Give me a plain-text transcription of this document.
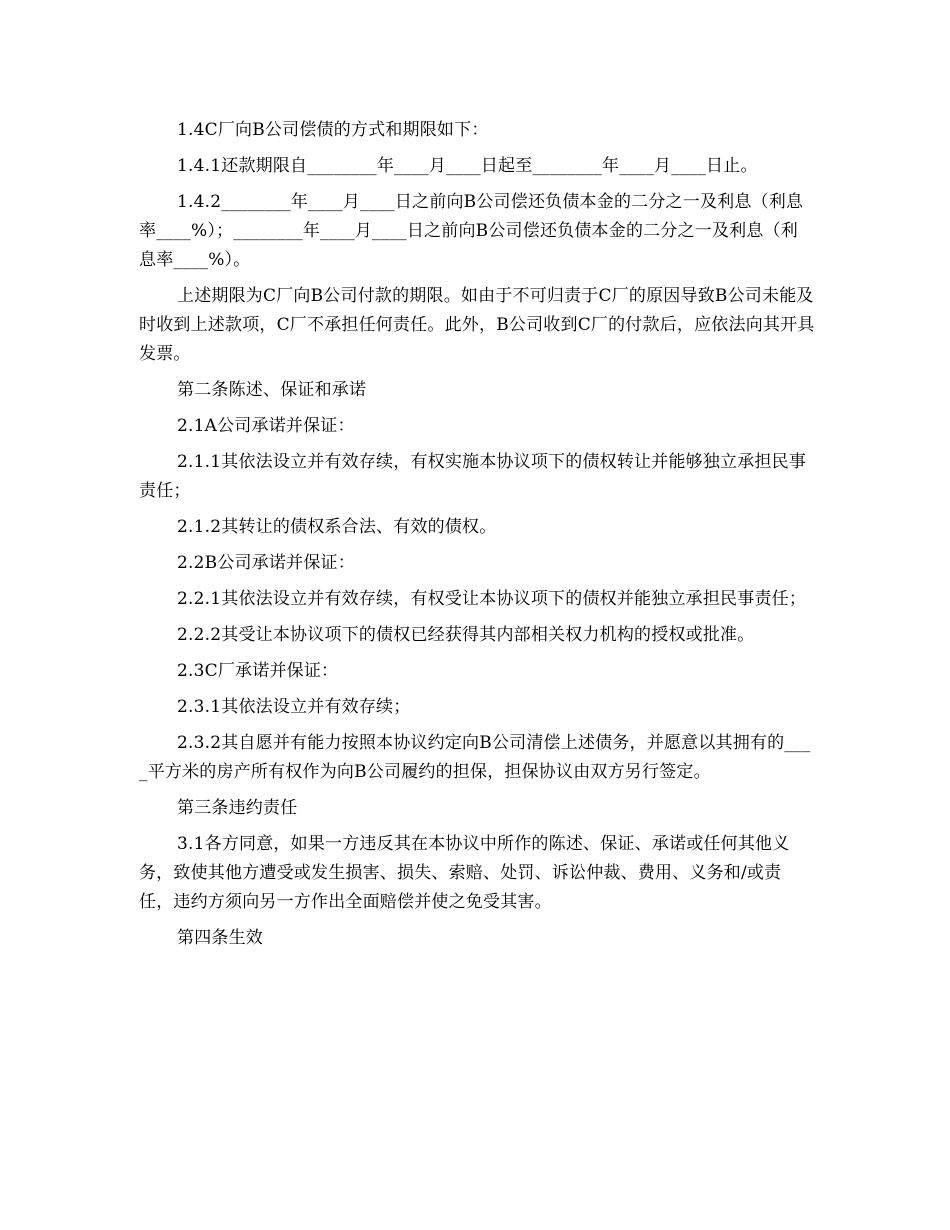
1.4C厂向B公司偿债的方式和期限如下：

1.4.1还款期限自________年____月____日起至________年____月____日止。

1.4.2________年____月____日之前向B公司偿还负债本金的二分之一及利息（利息率____%）；________年____月____日之前向B公司偿还负债本金的二分之一及利息（利息率____%）。

上述期限为C厂向B公司付款的期限。如由于不可归责于C厂的原因导致B公司未能及时收到上述款项，C厂不承担任何责任。此外，B公司收到C厂的付款后，应依法向其开具发票。

第二条陈述、保证和承诺

2.1A公司承诺并保证：

2.1.1其依法设立并有效存续，有权实施本协议项下的债权转让并能够独立承担民事责任；

2.1.2其转让的债权系合法、有效的债权。

2.2B公司承诺并保证：

2.2.1其依法设立并有效存续，有权受让本协议项下的债权并能独立承担民事责任；

2.2.2其受让本协议项下的债权已经获得其内部相关权力机构的授权或批准。

2.3C厂承诺并保证：

2.3.1其依法设立并有效存续；

2.3.2其自愿并有能力按照本协议约定向B公司清偿上述债务，并愿意以其拥有的____平方米的房产所有权作为向B公司履约的担保，担保协议由双方另行签定。

第三条违约责任

3.1各方同意，如果一方违反其在本协议中所作的陈述、保证、承诺或任何其他义务，致使其他方遭受或发生损害、损失、索赔、处罚、诉讼仲裁、费用、义务和/或责任，违约方须向另一方作出全面赔偿并使之免受其害。

第四条生效
